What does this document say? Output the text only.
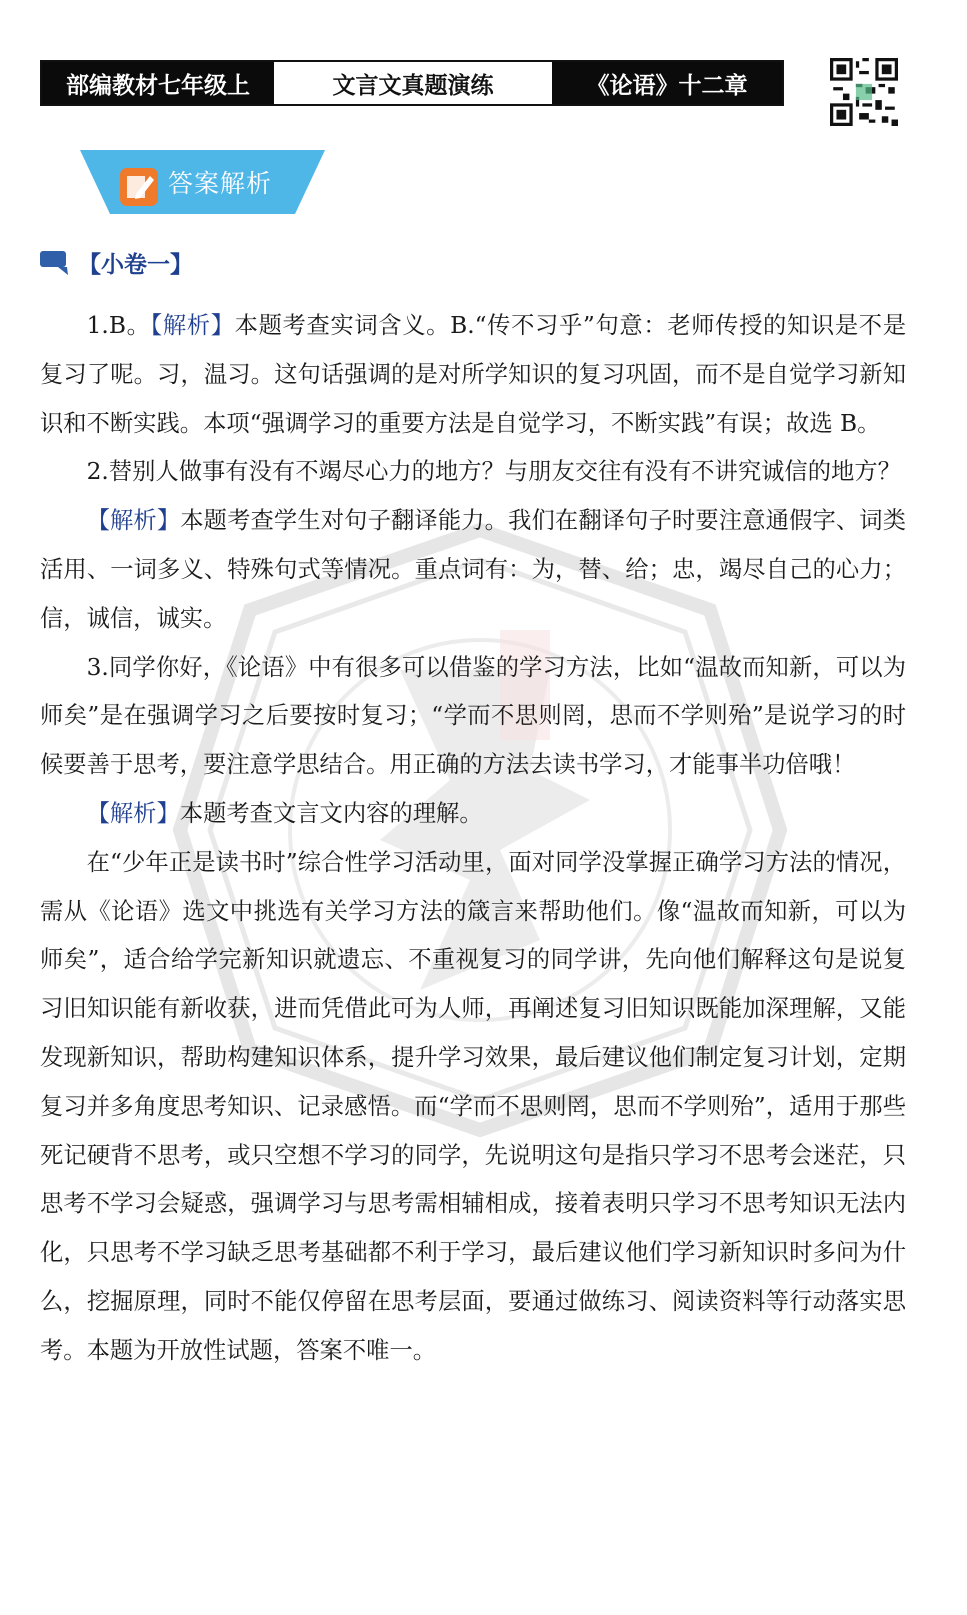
部编教材七年级上	文言文真题演练	《论语》十二章
答案解析
【小卷一】

1.B。【解析】本题考查实词含义。B.“传不习乎”句意：老师传授的知识是不是复习了呢。习，温习。这句话强调的是对所学知识的复习巩固，而不是自觉学习新知识和不断实践。本项“强调学习的重要方法是自觉学习，不断实践”有误；故选 B。

2.替别人做事有没有不竭尽心力的地方？与朋友交往有没有不讲究诚信的地方？

【解析】本题考查学生对句子翻译能力。我们在翻译句子时要注意通假字、词类活用、一词多义、特殊句式等情况。重点词有：为，替、给；忠，竭尽自己的心力；信，诚信，诚实。

3.同学你好，《论语》中有很多可以借鉴的学习方法，比如“温故而知新，可以为师矣”是在强调学习之后要按时复习；“学而不思则罔，思而不学则殆”是说学习的时候要善于思考，要注意学思结合。用正确的方法去读书学习，才能事半功倍哦！

【解析】本题考查文言文内容的理解。

在“少年正是读书时”综合性学习活动里，面对同学没掌握正确学习方法的情况，需从《论语》选文中挑选有关学习方法的箴言来帮助他们。像“温故而知新，可以为师矣”，适合给学完新知识就遗忘、不重视复习的同学讲，先向他们解释这句是说复习旧知识能有新收获，进而凭借此可为人师，再阐述复习旧知识既能加深理解，又能发现新知识，帮助构建知识体系，提升学习效果，最后建议他们制定复习计划，定期复习并多角度思考知识、记录感悟。而“学而不思则罔，思而不学则殆”，适用于那些死记硬背不思考，或只空想不学习的同学，先说明这句是指只学习不思考会迷茫，只思考不学习会疑惑，强调学习与思考需相辅相成，接着表明只学习不思考知识无法内化，只思考不学习缺乏思考基础都不利于学习，最后建议他们学习新知识时多问为什么，挖掘原理，同时不能仅停留在思考层面，要通过做练习、阅读资料等行动落实思考。本题为开放性试题，答案不唯一。
